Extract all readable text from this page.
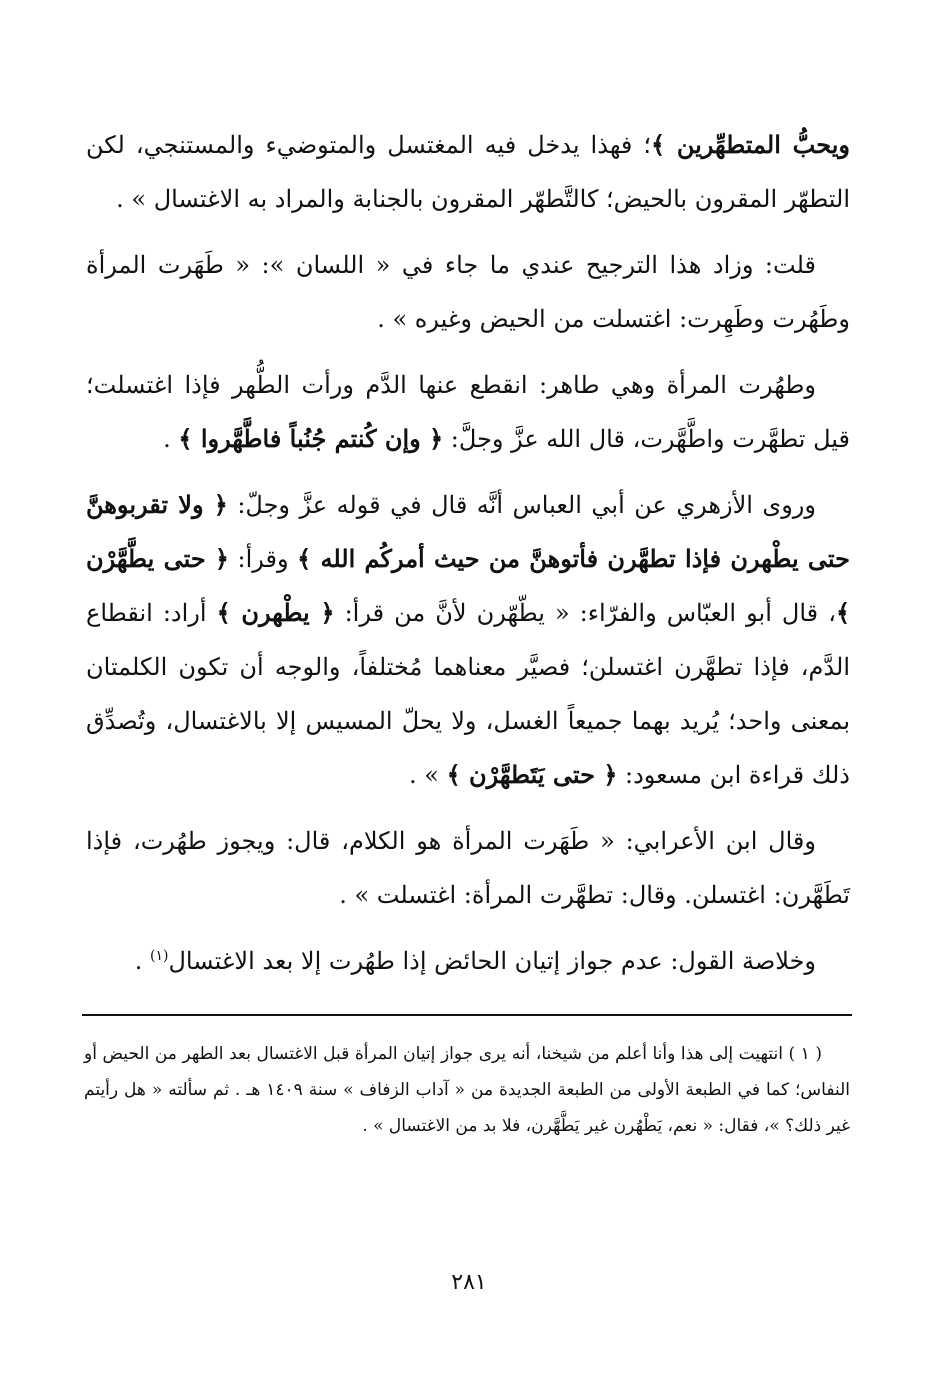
ويحبُّ المتطهِّرين ﴾؛ فهذا يدخل فيه المغتسل والمتوضيء والمستنجي، لكن التطهّر المقرون بالحيض؛ كالتَّطهّر المقرون بالجنابة والمراد به الاغتسال » .

قلت: وزاد هذا الترجيح عندي ما جاء في « اللسان »: « طَهَرت المرأة وطَهُرت وطَهِرت: اغتسلت من الحيض وغيره » .

وطهُرت المرأة وهي طاهر: انقطع عنها الدَّم ورأت الطُّهر فإذا اغتسلت؛ قيل تطهَّرت واطَّهَّرت، قال الله عزَّ وجلَّ: ﴿ وإن كُنتم جُنُباً فاطَّهَّروا ﴾ .

وروى الأزهري عن أبي العباس أنَّه قال في قوله عزَّ وجلّ: ﴿ ولا تقربوهنَّ حتى يطْهرن فإذا تطهَّرن فأتوهنَّ من حيث أمركُم الله ﴾ وقرأ: ﴿ حتى يطَّهَّرْن ﴾، قال أبو العبّاس والفرّاء: « يطّهّرن لأنَّ من قرأ: ﴿ يطْهرن ﴾ أراد: انقطاع الدَّم، فإذا تطهَّرن اغتسلن؛ فصيَّر معناهما مُختلفاً، والوجه أن تكون الكلمتان بمعنى واحد؛ يُريد بهما جميعاً الغسل، ولا يحلّ المسيس إلا بالاغتسال، وتُصدِّق ذلك قراءة ابن مسعود: ﴿ حتى يَتَطهَّرْن ﴾ » .

وقال ابن الأعرابي: « طَهَرت المرأة هو الكلام، قال: ويجوز طهُرت، فإذا تَطَهَّرن: اغتسلن. وقال: تطهَّرت المرأة: اغتسلت » .

وخلاصة القول: عدم جواز إتيان الحائض إذا طهُرت إلا بعد الاغتسال$^{(١)}$ .

( ١ ) انتهيت إلى هذا وأنا أعلم من شيخنا، أنه يرى جواز إتيان المرأة قبل الاغتسال بعد الطهر من الحيض أو النفاس؛ كما في الطبعة الأولى من الطبعة الجديدة من « آداب الزفاف » سنة ١٤٠٩ هـ . ثم سألته « هل رأيتم غير ذلك؟ »، فقال: « نعم، يَطْهُرن غير يَطَّهَّرن، فلا بد من الاغتسال » .

٢٨١
